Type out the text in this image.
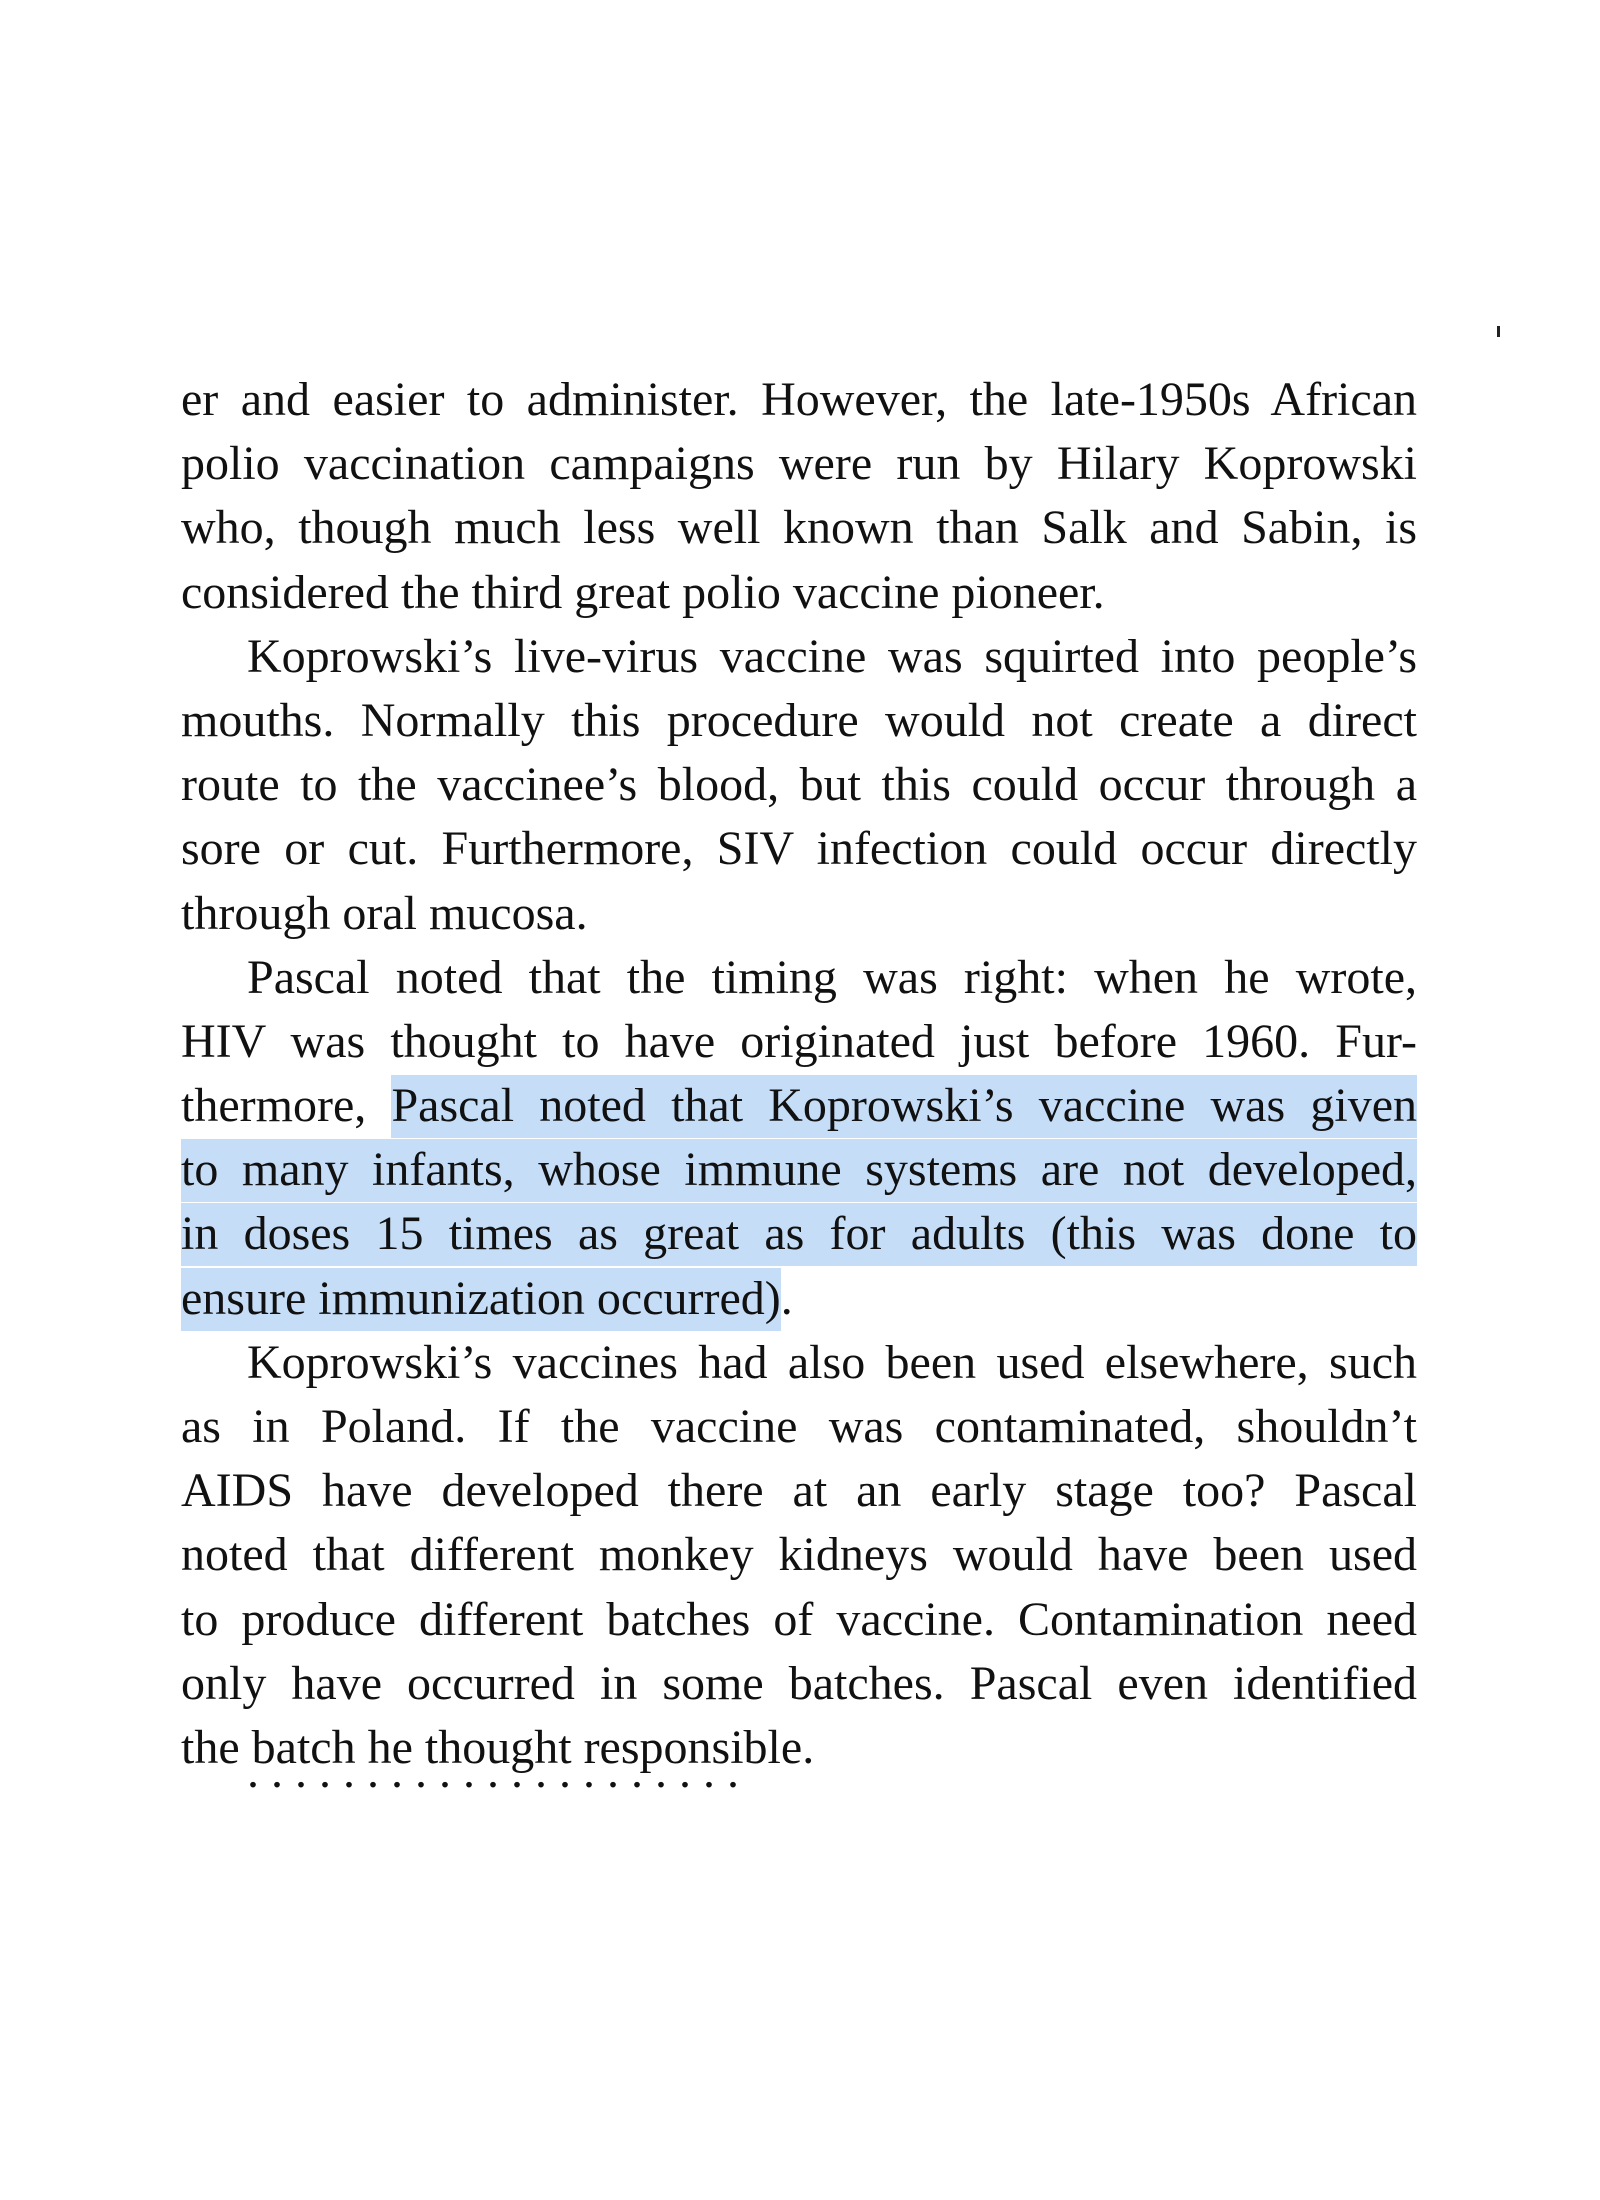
er and easier to administer. However, the late-1950s African
polio vaccination campaigns were run by Hilary Koprowski
who, though much less well known than Salk and Sabin, is
considered the third great polio vaccine pioneer.
Koprowski’s live-virus vaccine was squirted into people’s
mouths. Normally this procedure would not create a direct
route to the vaccinee’s blood, but this could occur through a
sore or cut. Furthermore, SIV infection could occur directly
through oral mucosa.
Pascal noted that the timing was right: when he wrote,
HIV was thought to have originated just before 1960. Fur-
thermore, Pascal noted that Koprowski’s vaccine was given
to many infants, whose immune systems are not developed,
in doses 15 times as great as for adults (this was done to
ensure immunization occurred).
Koprowski’s vaccines had also been used elsewhere, such
as in Poland. If the vaccine was contaminated, shouldn’t
AIDS have developed there at an early stage too? Pascal
noted that different monkey kidneys would have been used
to produce different batches of vaccine. Contamination need
only have occurred in some batches. Pascal even identified
the batch he thought responsible.
